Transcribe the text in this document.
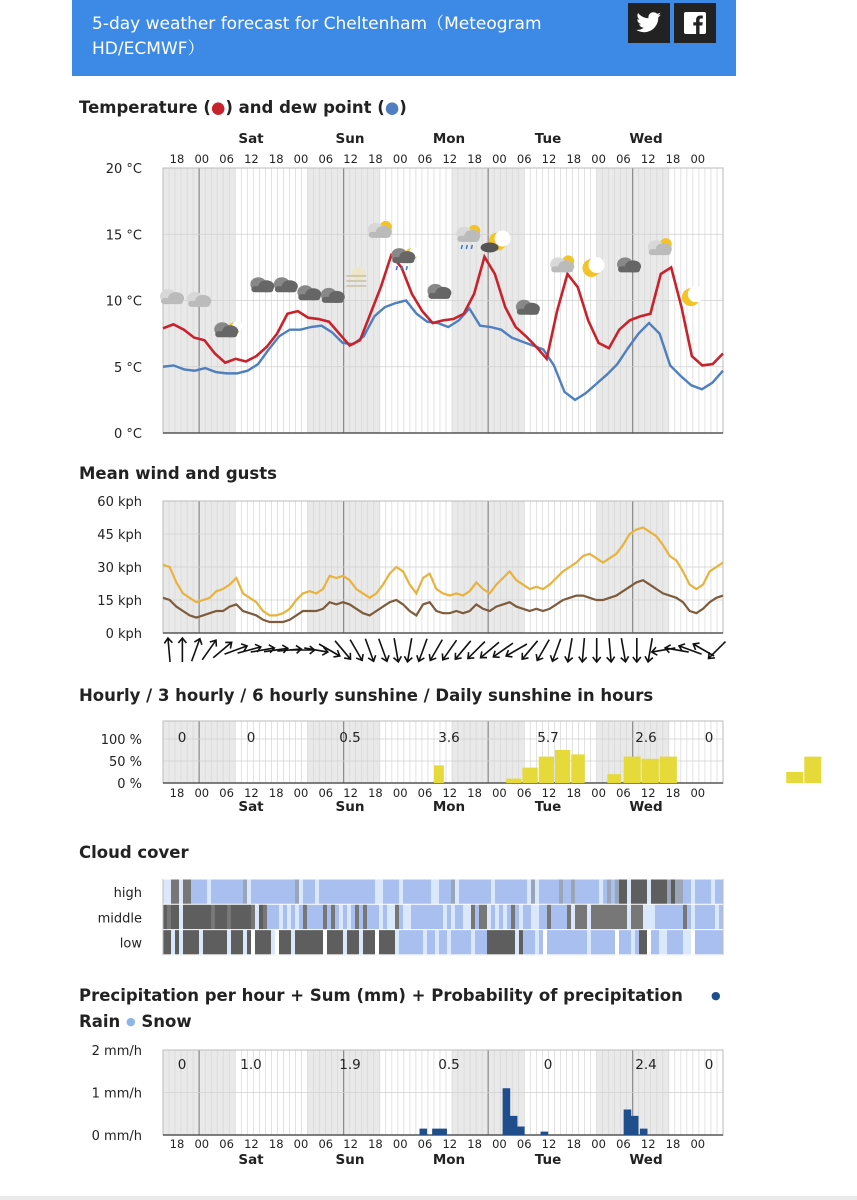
5-day weather forecast for Cheltenham（Meteogram HD/ECMWF）
Temperature (●) and dew point (●)
Mean wind and gusts
Hourly / 3 hourly / 6 hourly sunshine / Daily sunshine in hours
Cloud cover
Precipitation per hour + Sum (mm) + Probability of precipitation	●
Rain ● Snow
Sat	Sun	Mon	Tue	Wed
18 00 06 12 18 00 06 12 18 00 06 12 18 00 06 12 18 00 06 12 18 00
20 °C
15 °C
10 °C
5 °C
0 °C
60 kph
45 kph
30 kph
15 kph
0 kph
100 %
50 %
0 %
0	0	0.5	3.6	5.7	2.6	0
18 00 06 12 18 00 06 12 18 00 06 12 18 00 06 12 18 00 06 12 18 00
Sat	Sun	Mon	Tue	Wed
high
middle
low
2 mm/h
1 mm/h
0 mm/h
0	1.0	1.9	0.5	0	2.4	0
18 00 06 12 18 00 06 12 18 00 06 12 18 00 06 12 18 00 06 12 18 00
Sat	Sun	Mon	Tue	Wed
